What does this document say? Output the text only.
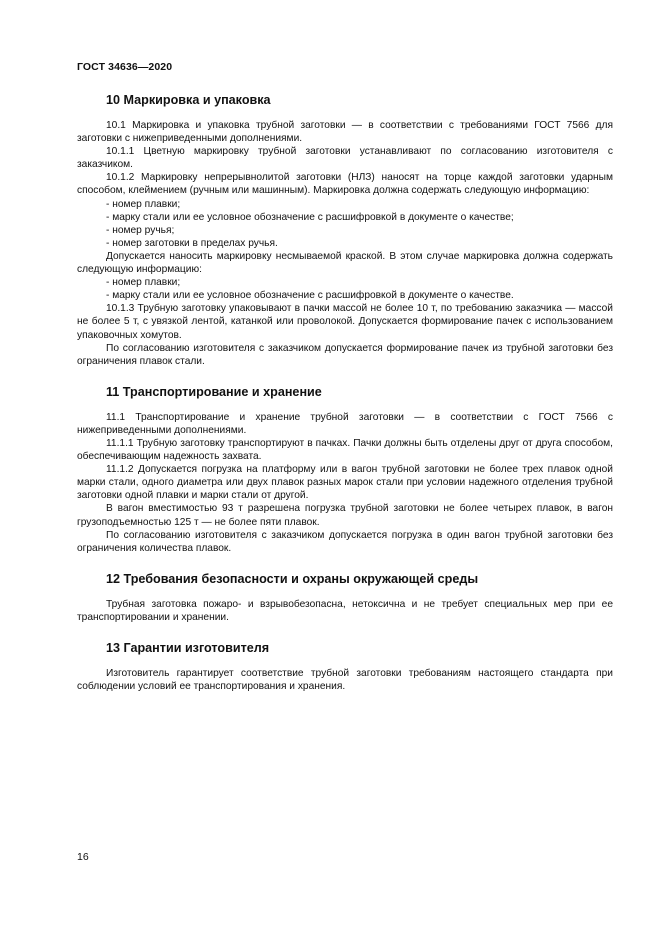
ГОСТ 34636—2020
10 Маркировка и упаковка

10.1 Маркировка и упаковка трубной заготовки — в соответствии с требованиями ГОСТ 7566 для заготовки с нижеприведенными дополнениями.

10.1.1 Цветную маркировку трубной заготовки устанавливают по согласованию изготовителя с заказчиком.

10.1.2 Маркировку непрерывнолитой заготовки (НЛЗ) наносят на торце каждой заготовки ударным способом, клеймением (ручным или машинным). Маркировка должна содержать следующую информацию:

- номер плавки;

- марку стали или ее условное обозначение с расшифровкой в документе о качестве;

- номер ручья;

- номер заготовки в пределах ручья.

Допускается наносить маркировку несмываемой краской. В этом случае маркировка должна содержать следующую информацию:

- номер плавки;

- марку стали или ее условное обозначение с расшифровкой в документе о качестве.

10.1.3 Трубную заготовку упаковывают в пачки массой не более 10 т, по требованию заказчика — массой не более 5 т, с увязкой лентой, катанкой или проволокой. Допускается формирование пачек с использованием упаковочных хомутов.

По согласованию изготовителя с заказчиком допускается формирование пачек из трубной заготовки без ограничения плавок стали.

11 Транспортирование и хранение

11.1 Транспортирование и хранение трубной заготовки — в соответствии с ГОСТ 7566 с нижеприведенными дополнениями.

11.1.1 Трубную заготовку транспортируют в пачках. Пачки должны быть отделены друг от друга способом, обеспечивающим надежность захвата.

11.1.2 Допускается погрузка на платформу или в вагон трубной заготовки не более трех плавок одной марки стали, одного диаметра или двух плавок разных марок стали при условии надежного отделения трубной заготовки одной плавки и марки стали от другой.

В вагон вместимостью 93 т разрешена погрузка трубной заготовки не более четырех плавок, в вагон грузоподъемностью 125 т — не более пяти плавок.

По согласованию изготовителя с заказчиком допускается погрузка в один вагон трубной заготовки без ограничения количества плавок.

12 Требования безопасности и охраны окружающей среды

Трубная заготовка пожаро- и взрывобезопасна, нетоксична и не требует специальных мер при ее транспортировании и хранении.

13 Гарантии изготовителя

Изготовитель гарантирует соответствие трубной заготовки требованиям настоящего стандарта при соблюдении условий ее транспортирования и хранения.

16
